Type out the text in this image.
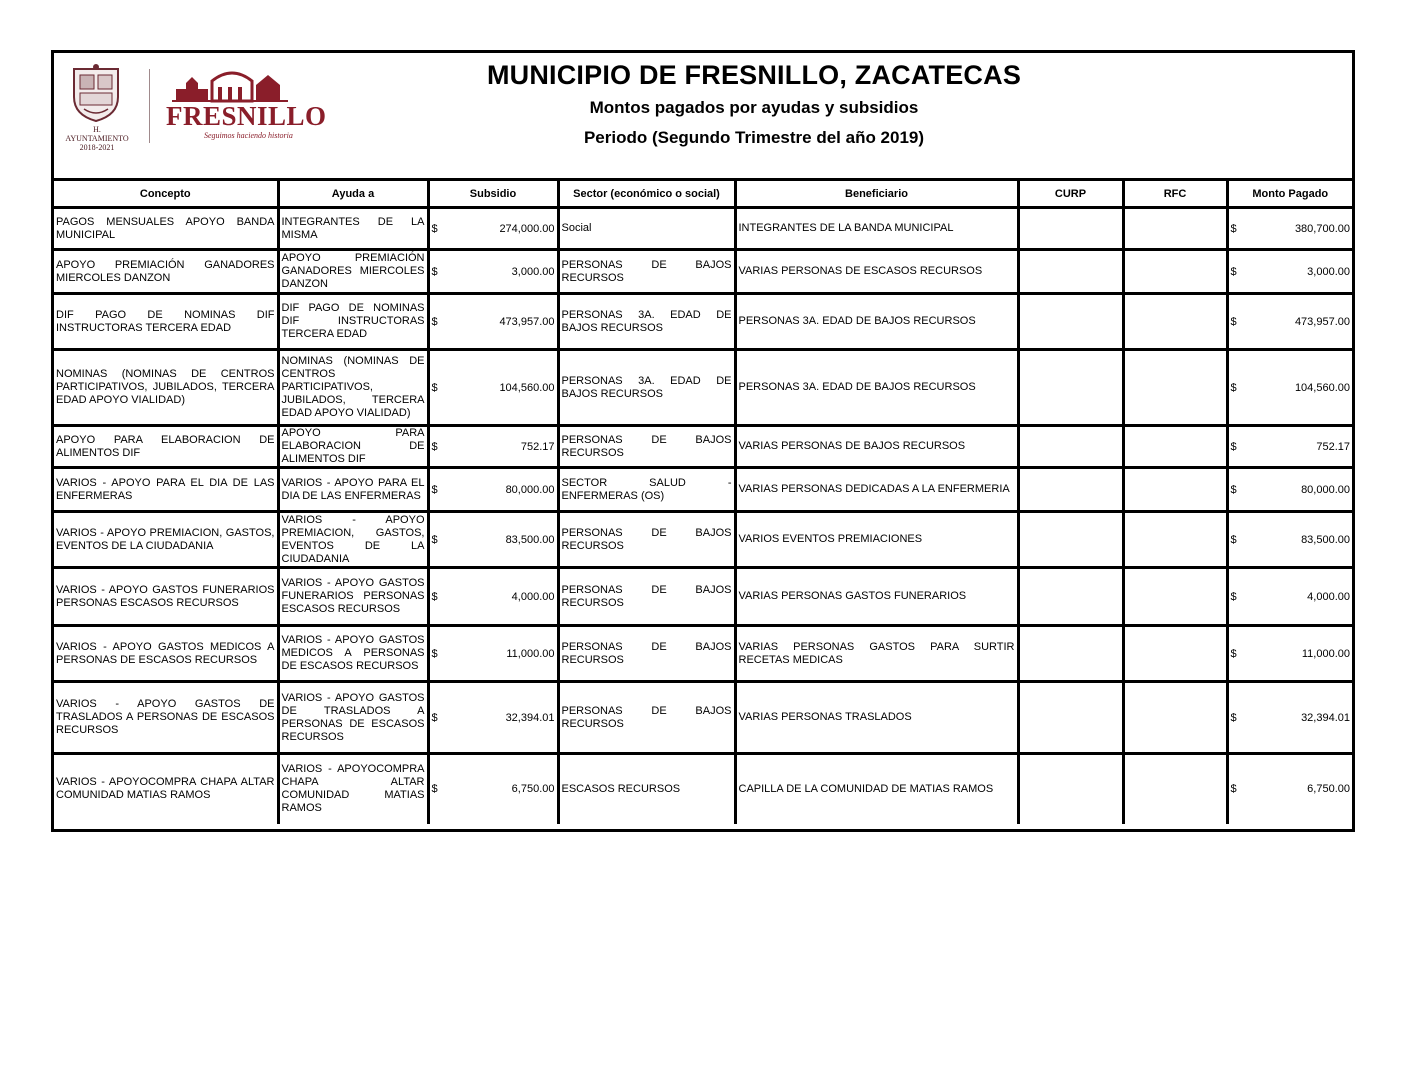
H. AYUNTAMIENTO
2018-2021
FRESNILLO
Seguimos haciendo historia
MUNICIPIO DE FRESNILLO, ZACATECAS
Montos pagados por ayudas y subsidios
Periodo (Segundo Trimestre del año 2019)
Concepto	Ayuda a	Subsidio	Sector (económico o social)	Beneficiario	CURP	RFC	Monto Pagado
PAGOS MENSUALES APOYO BANDA MUNICIPAL	INTEGRANTES DE LA MISMA	$ 274,000.00	Social	INTEGRANTES DE LA BANDA MUNICIPAL			$ 380,700.00

APOYO PREMIACIÓN GANADORES MIERCOLES DANZON	APOYO PREMIACIÓN GANADORES MIERCOLES DANZON	$ 3,000.00	PERSONAS DE BAJOS RECURSOS	VARIAS PERSONAS DE ESCASOS RECURSOS			$ 3,000.00

DIF PAGO DE NOMINAS DIF INSTRUCTORAS TERCERA EDAD	DIF PAGO DE NOMINAS DIF INSTRUCTORAS TERCERA EDAD	$ 473,957.00	PERSONAS 3A. EDAD DE BAJOS RECURSOS	PERSONAS 3A. EDAD DE BAJOS RECURSOS			$ 473,957.00

NOMINAS (NOMINAS DE CENTROS PARTICIPATIVOS, JUBILADOS, TERCERA EDAD APOYO VIALIDAD)	NOMINAS (NOMINAS DE CENTROS PARTICIPATIVOS, JUBILADOS, TERCERA EDAD APOYO VIALIDAD)	$ 104,560.00	PERSONAS 3A. EDAD DE BAJOS RECURSOS	PERSONAS 3A. EDAD DE BAJOS RECURSOS			$ 104,560.00

APOYO PARA ELABORACION DE ALIMENTOS DIF	APOYO PARA ELABORACION DE ALIMENTOS DIF	$ 752.17	PERSONAS DE BAJOS RECURSOS	VARIAS PERSONAS DE BAJOS RECURSOS			$ 752.17

VARIOS - APOYO PARA EL DIA DE LAS ENFERMERAS	VARIOS - APOYO PARA EL DIA DE LAS ENFERMERAS	$ 80,000.00	SECTOR SALUD - ENFERMERAS (OS)	VARIAS PERSONAS DEDICADAS A LA ENFERMERIA			$ 80,000.00

VARIOS - APOYO PREMIACION, GASTOS, EVENTOS DE LA CIUDADANIA	VARIOS - APOYO PREMIACION, GASTOS, EVENTOS DE LA CIUDADANIA	$ 83,500.00	PERSONAS DE BAJOS RECURSOS	VARIOS EVENTOS PREMIACIONES			$ 83,500.00

VARIOS - APOYO GASTOS FUNERARIOS PERSONAS ESCASOS RECURSOS	VARIOS - APOYO GASTOS FUNERARIOS PERSONAS ESCASOS RECURSOS	$ 4,000.00	PERSONAS DE BAJOS RECURSOS	VARIAS PERSONAS GASTOS FUNERARIOS			$ 4,000.00

VARIOS - APOYO GASTOS MEDICOS A PERSONAS DE ESCASOS RECURSOS	VARIOS - APOYO GASTOS MEDICOS A PERSONAS DE ESCASOS RECURSOS	$ 11,000.00	PERSONAS DE BAJOS RECURSOS	VARIAS PERSONAS GASTOS PARA SURTIR RECETAS MEDICAS			$ 11,000.00

VARIOS - APOYO GASTOS DE TRASLADOS A PERSONAS DE ESCASOS RECURSOS	VARIOS - APOYO GASTOS DE TRASLADOS A PERSONAS DE ESCASOS RECURSOS	$ 32,394.01	PERSONAS DE BAJOS RECURSOS	VARIAS PERSONAS TRASLADOS			$ 32,394.01

VARIOS - APOYOCOMPRA CHAPA ALTAR COMUNIDAD MATIAS RAMOS	VARIOS - APOYOCOMPRA CHAPA ALTAR COMUNIDAD MATIAS RAMOS	$ 6,750.00	ESCASOS RECURSOS	CAPILLA DE LA COMUNIDAD DE MATIAS RAMOS			$ 6,750.00
